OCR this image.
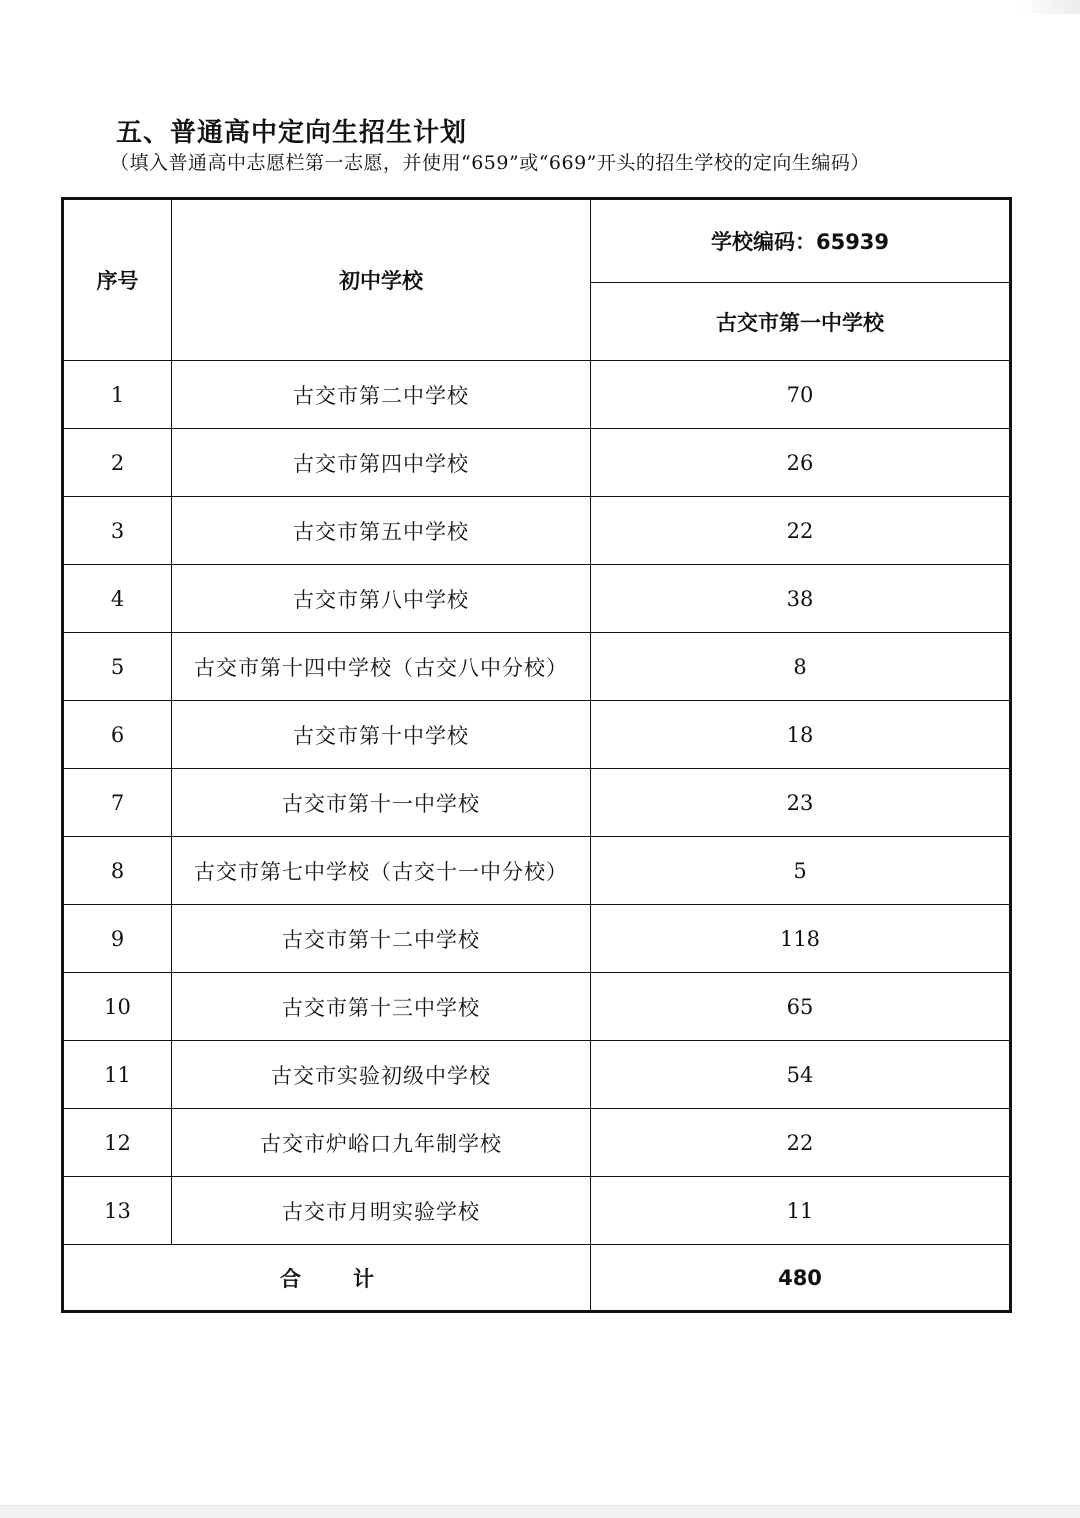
五、普通高中定向生招生计划
（填入普通高中志愿栏第一志愿，并使用“659”或“669”开头的招生学校的定向生编码）
序号	初中学校	学校编码：65939
		古交市第一中学校
1	古交市第二中学校	70
2	古交市第四中学校	26
3	古交市第五中学校	22
4	古交市第八中学校	38
5	古交市第十四中学校（古交八中分校）	8
6	古交市第十中学校	18
7	古交市第十一中学校	23
8	古交市第七中学校（古交十一中分校）	5
9	古交市第十二中学校	118
10	古交市第十三中学校	65
11	古交市实验初级中学校	54
12	古交市炉峪口九年制学校	22
13	古交市月明实验学校	11
合 计		480
